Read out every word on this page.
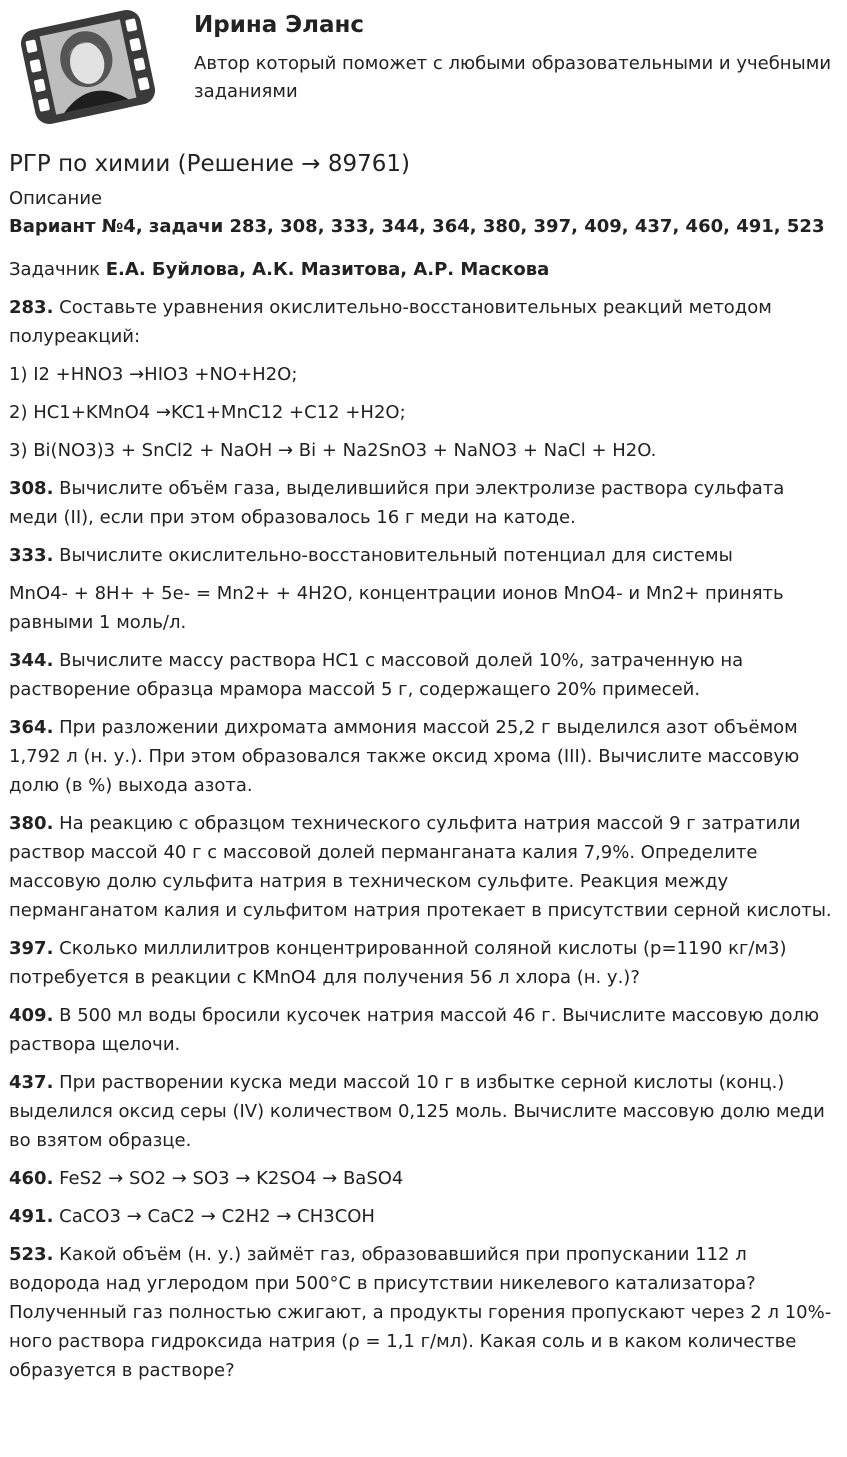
Ирина Эланс
Автор который поможет с любыми образовательными и учебными заданиями
РГР по химии (Решение → 89761)
Описание

Вариант №4, задачи 283, 308, 333, 344, 364, 380, 397, 409, 437, 460, 491, 523

Задачник Е.А. Буйлова, А.К. Мазитова, А.Р. Маскова

283. Составьте уравнения окислительно-восстановительных реакций методом полуреакций:

1) I2 +HNO3 →HIO3 +NO+H2O;

2) HC1+KMnO4 →KC1+MnC12 +C12 +H2O;

3) Bi(NO3)3 + SnCl2 + NaOH → Bi + Na2SnO3 + NaNO3 + NaCl + H2O.

308. Вычислите объём газа, выделившийся при электролизе раствора сульфата меди (II), если при этом образовалось 16 г меди на катоде.

333. Вычислите окислительно-восстановительный потенциал для системы

MnO4- + 8H+ + 5e- = Mn2+ + 4H2O, концентрации ионов MnO4- и Mn2+ принять равными 1 моль/л.

344. Вычислите массу раствора HC1 с массовой долей 10%, затраченную на растворение образца мрамора массой 5 г, содержащего 20% примесей.

364. При разложении дихромата аммония массой 25,2 г выделился азот объёмом 1,792 л (н. у.). При этом образовался также оксид хрома (III). Вычислите массовую долю (в %) выхода азота.

380. На реакцию с образцом технического сульфита натрия массой 9 г затратили раствор массой 40 г с массовой долей перманганата калия 7,9%. Определите массовую долю сульфита натрия в техническом сульфите. Реакция между перманганатом калия и сульфитом натрия протекает в присутствии серной кислоты.

397. Сколько миллилитров концентрированной соляной кислоты (p=1190 кг/м3) потребуется в реакции с KMnO4 для получения 56 л хлора (н. у.)?

409. В 500 мл воды бросили кусочек натрия массой 46 г. Вычислите массовую долю раствора щелочи.

437. При растворении куска меди массой 10 г в избытке серной кислоты (конц.) выделился оксид серы (IV) количеством 0,125 моль. Вычислите массовую долю меди во взятом образце.

460. FeS2 → SO2 → SO3 → K2SO4 → BaSO4

491. CaCO3 → CaC2 → C2H2 → CH3COH

523. Какой объём (н. у.) займёт газ, образовавшийся при пропускании 112 л водорода над углеродом при 500°С в присутствии никелевого катализатора? Полученный газ полностью сжигают, а продукты горения пропускают через 2 л 10%-ного раствора гидроксида натрия (ρ = 1,1 г/мл). Какая соль и в каком количестве образуется в растворе?
